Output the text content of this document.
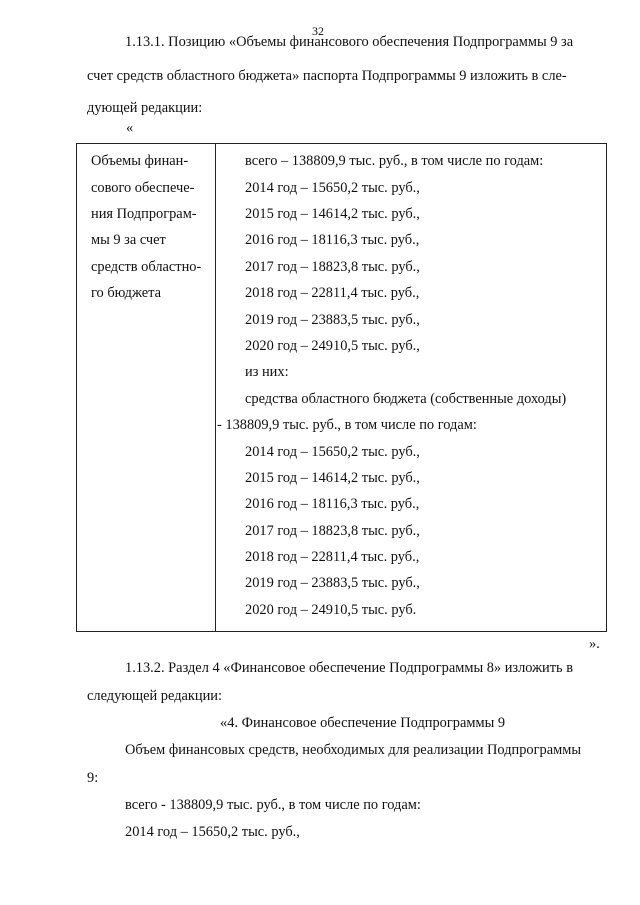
32
1.13.1. Позицию «Объемы финансового обеспечения Подпрограммы 9 за
счет средств областного бюджета» паспорта Подпрограммы 9 изложить в сле-
дующей редакции:
«
Объемы финан-
сового обеспече-
ния Подпрограм-
мы 9 за счет
средств областно-
го бюджета
всего – 138809,9 тыс. руб., в том числе по годам:
2014 год – 15650,2 тыс. руб.,
2015 год – 14614,2 тыс. руб.,
2016 год – 18116,3 тыс. руб.,
2017 год – 18823,8 тыс. руб.,
2018 год – 22811,4 тыс. руб.,
2019 год – 23883,5 тыс. руб.,
2020 год – 24910,5 тыс. руб.,
из них:
средства областного бюджета (собственные доходы)
- 138809,9 тыс. руб., в том числе по годам:
2014 год – 15650,2 тыс. руб.,
2015 год – 14614,2 тыс. руб.,
2016 год – 18116,3 тыс. руб.,
2017 год – 18823,8 тыс. руб.,
2018 год – 22811,4 тыс. руб.,
2019 год – 23883,5 тыс. руб.,
2020 год – 24910,5 тыс. руб.
».
1.13.2. Раздел 4 «Финансовое обеспечение Подпрограммы 8» изложить в
следующей редакции:
«4. Финансовое обеспечение Подпрограммы 9
Объем финансовых средств, необходимых для реализации Подпрограммы
9:
всего - 138809,9 тыс. руб., в том числе по годам:
2014 год – 15650,2 тыс. руб.,
